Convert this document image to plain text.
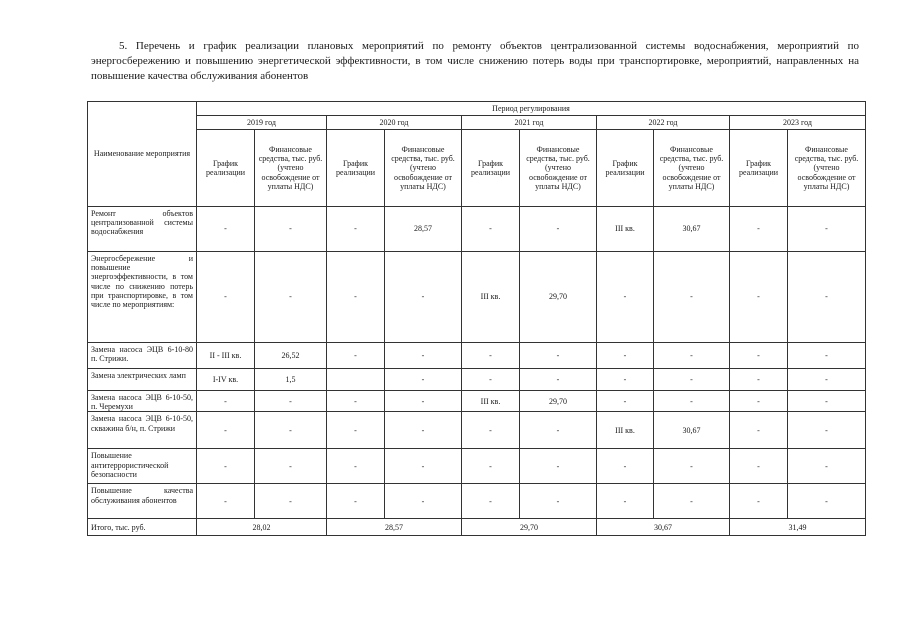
5. Перечень и график реализации плановых мероприятий по ремонту объектов централизованной системы водоснабжения, мероприятий по энергосбережению и повышению энергетической эффективности, в том числе снижению потерь воды при транспортировке, мероприятий, направленных на повышение качества обслуживания абонентов
Наименование мероприятия	Период регулирования									
	2019 год		2020 год		2021 год		2022 год		2023 год	
	График реализации	Финансовые средства, тыс. руб. (учтено освобождение от уплаты НДС)	График реализации	Финансовые средства, тыс. руб. (учтено освобождение от уплаты НДС)	График реализации	Финансовые средства, тыс. руб. (учтено освобождение от уплаты НДС)	График реализации	Финансовые средства, тыс. руб. (учтено освобождение от уплаты НДС)	График реализации	Финансовые средства, тыс. руб. (учтено освобождение от уплаты НДС)
Ремонт объектов централизованной системы водоснабжения	-	-	-	28,57	-	-	III кв.	30,67	-	-
Энергосбережение и повышение энергоэффективности, в том числе по снижению потерь при транспортировке, в том числе по мероприятиям:	-	-	-	-	III кв.	29,70	-	-	-	-
Замена насоса ЭЦВ 6-10-80 п. Стрижи.	II - III кв.	26,52	-	-	-	-	-	-	-	-
Замена электрических ламп	I-IV кв.	1,5		-	-	-	-	-	-	-
Замена насоса ЭЦВ 6-10-50, п. Черемухи	-	-	-	-	III кв.	29,70	-	-	-	-
Замена насоса ЭЦВ 6-10-50, скважина б/н, п. Стрижи	-	-	-	-	-	-	III кв.	30,67	-	-
Повышение антитеррористической безопасности	-	-	-	-	-	-	-	-	-	-
Повышение качества обслуживания абонентов	-	-	-	-	-	-	-	-	-	-
Итого, тыс. руб.	28,02		28,57		29,70		30,67		31,49	
